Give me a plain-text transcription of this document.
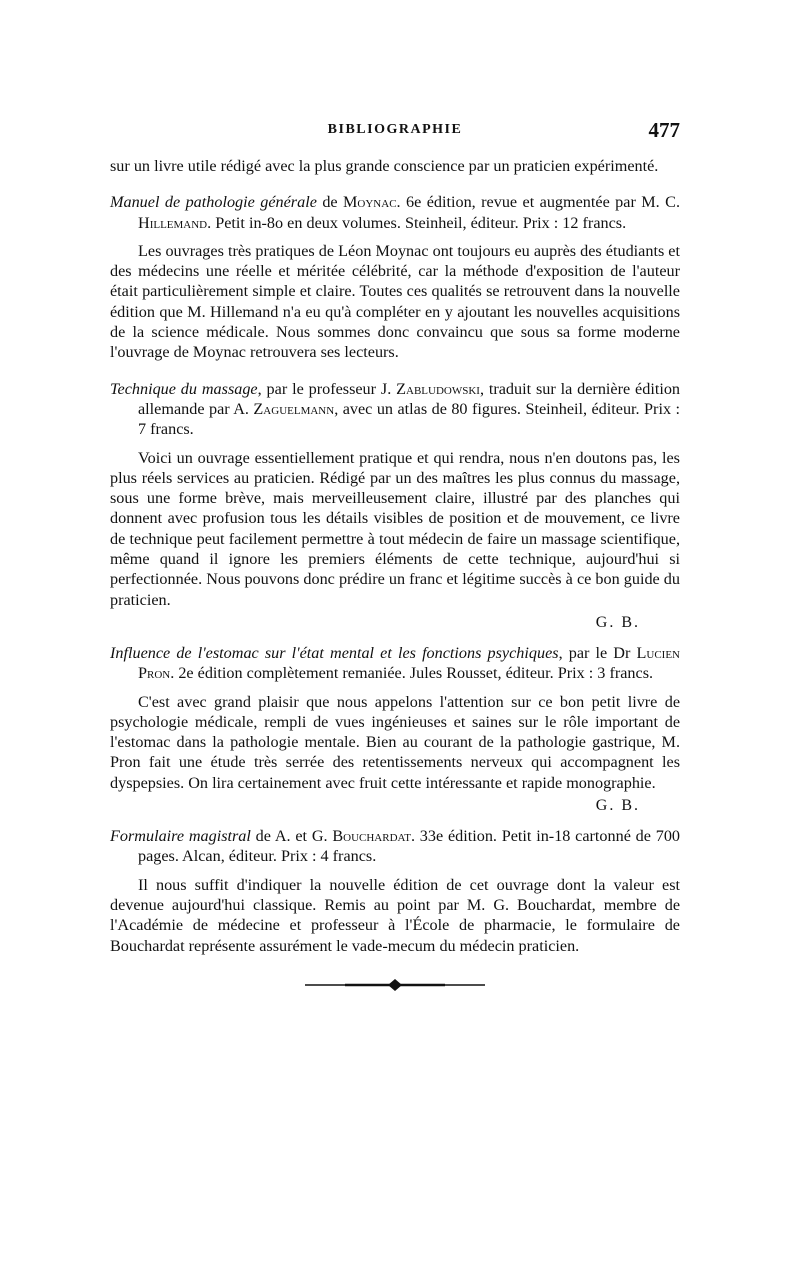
BIBLIOGRAPHIE	477

sur un livre utile rédigé avec la plus grande conscience par un praticien expérimenté.

Manuel de pathologie générale de Moynac. 6e édition, revue et augmentée par M. C. Hillemand. Petit in-8o en deux volumes. Steinheil, éditeur. Prix : 12 francs.

Les ouvrages très pratiques de Léon Moynac ont toujours eu auprès des étudiants et des médecins une réelle et méritée célébrité, car la méthode d'exposition de l'auteur était particulièrement simple et claire. Toutes ces qualités se retrouvent dans la nouvelle édition que M. Hillemand n'a eu qu'à compléter en y ajoutant les nouvelles acquisitions de la science médicale. Nous sommes donc convaincu que sous sa forme moderne l'ouvrage de Moynac retrouvera ses lecteurs.

Technique du massage, par le professeur J. Zabludowski, traduit sur la dernière édition allemande par A. Zaguelmann, avec un atlas de 80 figures. Steinheil, éditeur. Prix : 7 francs.

Voici un ouvrage essentiellement pratique et qui rendra, nous n'en doutons pas, les plus réels services au praticien. Rédigé par un des maîtres les plus connus du massage, sous une forme brève, mais merveilleusement claire, illustré par des planches qui donnent avec profusion tous les détails visibles de position et de mouvement, ce livre de technique peut facilement permettre à tout médecin de faire un massage scientifique, même quand il ignore les premiers éléments de cette technique, aujourd'hui si perfectionnée. Nous pouvons donc prédire un franc et légitime succès à ce bon guide du praticien.

G. B.

Influence de l'estomac sur l'état mental et les fonctions psychiques, par le Dr Lucien Pron. 2e édition complètement remaniée. Jules Rousset, éditeur. Prix : 3 francs.

C'est avec grand plaisir que nous appelons l'attention sur ce bon petit livre de psychologie médicale, rempli de vues ingénieuses et saines sur le rôle important de l'estomac dans la pathologie mentale. Bien au courant de la pathologie gastrique, M. Pron fait une étude très serrée des retentissements nerveux qui accompagnent les dyspepsies. On lira certainement avec fruit cette intéressante et rapide monographie.

G. B.

Formulaire magistral de A. et G. Bouchardat. 33e édition. Petit in-18 cartonné de 700 pages. Alcan, éditeur. Prix : 4 francs.

Il nous suffit d'indiquer la nouvelle édition de cet ouvrage dont la valeur est devenue aujourd'hui classique. Remis au point par M. G. Bouchardat, membre de l'Académie de médecine et professeur à l'École de pharmacie, le formulaire de Bouchardat représente assurément le vade-mecum du médecin praticien.
